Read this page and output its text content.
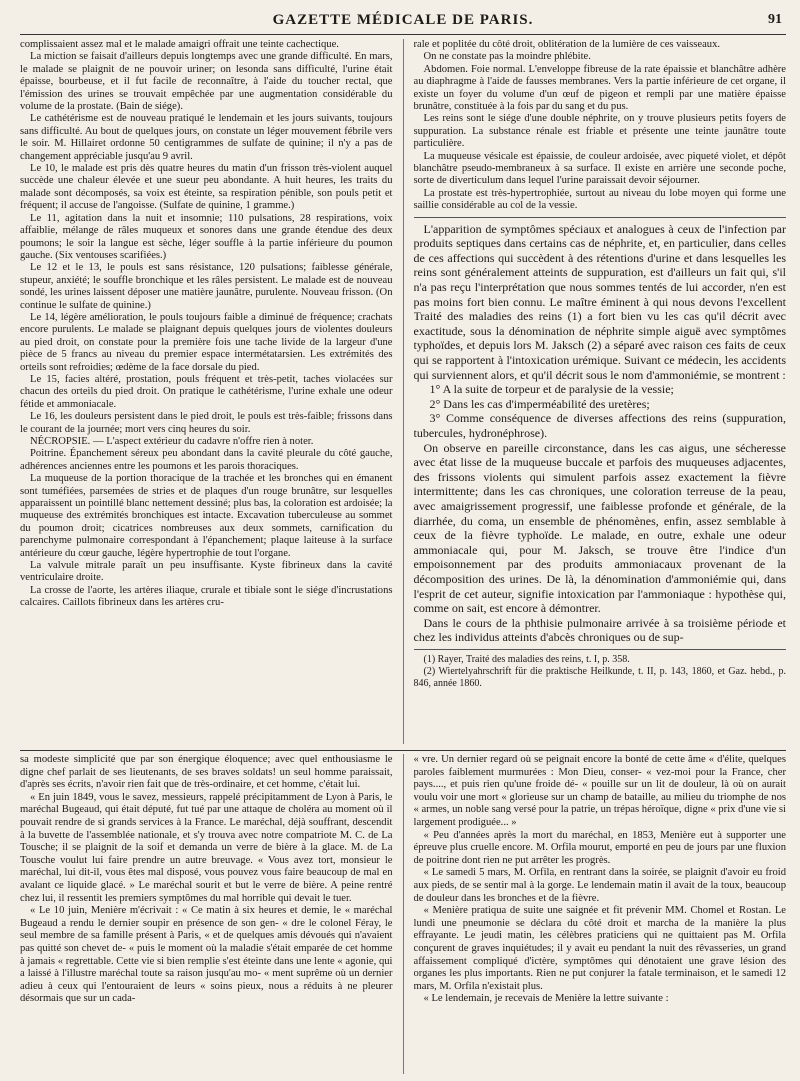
GAZETTE MÉDICALE DE PARIS.	91

complissaient assez mal et le malade amaigri offrait une teinte cachectique.

La miction se faisait d'ailleurs depuis longtemps avec une grande difficulté. En mars, le malade se plaignit de ne pouvoir uriner; on lesonda sans difficulté, l'urine était épaisse, bourbeuse, et il fut facile de reconnaître, à l'aide du toucher rectal, que l'émission des urines se trouvait empêchée par une augmentation considérable du volume de la prostate. (Bain de siége).

Le cathétérisme est de nouveau pratiqué le lendemain et les jours suivants, toujours sans difficulté. Au bout de quelques jours, on constate un léger mouvement fébrile vers le soir. M. Hillairet ordonne 50 centigrammes de sulfate de quinine; il n'y a pas de changement appréciable jusqu'au 9 avril.

Le 10, le malade est pris dès quatre heures du matin d'un frisson très-violent auquel succède une chaleur élevée et une sueur peu abondante. A huit heures, les traits du malade sont décomposés, sa voix est éteinte, sa respiration pénible, son pouls petit et fréquent; il accuse de l'angoisse. (Sulfate de quinine, 1 gramme.)

Le 11, agitation dans la nuit et insomnie; 110 pulsations, 28 respirations, voix affaiblie, mélange de râles muqueux et sonores dans une grande étendue des deux poumons; le soir la langue est sèche, léger souffle à la partie inférieure du poumon gauche. (Six ventouses scarifiées.)

Le 12 et le 13, le pouls est sans résistance, 120 pulsations; faiblesse générale, stupeur, anxiété; le souffle bronchique et les râles persistent. Le malade est de nouveau sondé, les urines laissent déposer une matière jaunâtre, purulente. Nouveau frisson. (On continue le sulfate de quinine.)

Le 14, légère amélioration, le pouls toujours faible a diminué de fréquence; crachats encore purulents. Le malade se plaignant depuis quelques jours de violentes douleurs au pied droit, on constate pour la première fois une tache livide de la largeur d'une pièce de 5 francs au niveau du premier espace intermétatarsien. Les extrémités des orteils sont refroidies; œdème de la face dorsale du pied.

Le 15, facies altéré, prostation, pouls fréquent et très-petit, taches violacées sur chacun des orteils du pied droit. On pratique le cathétérisme, l'urine exhale une odeur fétide et ammoniacale.

Le 16, les douleurs persistent dans le pied droit, le pouls est très-faible; frissons dans le courant de la journée; mort vers cinq heures du soir.

NÉCROPSIE. — L'aspect extérieur du cadavre n'offre rien à noter.

Poitrine. Épanchement séreux peu abondant dans la cavité pleurale du côté gauche, adhérences anciennes entre les poumons et les parois thoraciques.

La muqueuse de la portion thoracique de la trachée et les bronches qui en émanent sont tuméfiées, parsemées de stries et de plaques d'un rouge brunâtre, sur lesquelles apparaissent un pointillé blanc nettement dessiné; plus bas, la coloration est ardoisée; la muqueuse des extrémités bronchiques est intacte. Excavation tuberculeuse au sommet du poumon droit; cicatrices nombreuses aux deux sommets, carnification du parenchyme pulmonaire correspondant à l'épanchement; plaque laiteuse à la surface antérieure du cœur gauche, légère hypertrophie de tout l'organe.

La valvule mitrale paraît un peu insuffisante. Kyste fibrineux dans la cavité ventriculaire droite.

La crosse de l'aorte, les artères iliaque, crurale et tibiale sont le siége d'incrustations calcaires. Caillots fibrineux dans les artères cru-

rale et poplitée du côté droit, oblitération de la lumière de ces vaisseaux.

On ne constate pas la moindre phlébite.

Abdomen. Foie normal. L'enveloppe fibreuse de la rate épaissie et blanchâtre adhère au diaphragme à l'aide de fausses membranes. Vers la partie inférieure de cet organe, il existe un foyer du volume d'un œuf de pigeon et rempli par une matière épaisse brunâtre, constituée à la fois par du sang et du pus.

Les reins sont le siége d'une double néphrite, on y trouve plusieurs petits foyers de suppuration. La substance rénale est friable et présente une teinte jaunâtre toute particulière.

La muqueuse vésicale est épaissie, de couleur ardoisée, avec piqueté violet, et dépôt blanchâtre pseudo-membraneux à sa surface. Il existe en arrière une seconde poche, sorte de diverticulum dans lequel l'urine paraissait devoir séjourner.

La prostate est très-hypertrophiée, surtout au niveau du lobe moyen qui forme une saillie considérable au col de la vessie.

L'apparition de symptômes spéciaux et analogues à ceux de l'infection par produits septiques dans certains cas de néphrite, et, en particulier, dans celles de ces affections qui succèdent à des rétentions d'urine et dans lesquelles les reins sont généralement atteints de suppuration, est d'ailleurs un fait qui, s'il n'a pas reçu l'interprétation que nous sommes tentés de lui accorder, n'en est pas moins fort bien connu. Le maître éminent à qui nous devons l'excellent Traité des maladies des reins (1) a fort bien vu les cas qu'il décrit avec exactitude, sous la dénomination de néphrite simple aiguë avec symptômes typhoïdes, et depuis lors M. Jaksch (2) a séparé avec raison ces faits de ceux qui se rapportent à l'intoxication urémique. Suivant ce médecin, les accidents qui surviennent alors, et qu'il décrit sous le nom d'ammoniémie, se montrent :

1° A la suite de torpeur et de paralysie de la vessie;

2° Dans les cas d'imperméabilité des uretères;

3° Comme conséquence de diverses affections des reins (suppuration, tubercules, hydronéphrose).

On observe en pareille circonstance, dans les cas aigus, une sécheresse avec état lisse de la muqueuse buccale et parfois des muqueuses adjacentes, des frissons violents qui simulent parfois assez exactement la fièvre intermittente; dans les cas chroniques, une coloration terreuse de la peau, avec amaigrissement progressif, une faiblesse profonde et générale, de la diarrhée, du coma, un ensemble de phénomènes, enfin, assez semblable à ceux de la fièvre typhoïde. Le malade, en outre, exhale une odeur ammoniacale qui, pour M. Jaksch, se trouve être l'indice d'un empoisonnement par des produits ammoniacaux provenant de la décomposition des urines. De là, la dénomination d'ammoniémie qui, dans l'esprit de cet auteur, signifie intoxication par l'ammoniaque : hypothèse qui, comme on sait, est encore à démontrer.

Dans le cours de la phthisie pulmonaire arrivée à sa troisième période et chez les individus atteints d'abcès chroniques ou de sup-

(1) Rayer, Traité des maladies des reins, t. I, p. 358.

(2) Wiertelyahrschrift für die praktische Heilkunde, t. II, p. 143, 1860, et Gaz. hebd., p. 846, année 1860.

sa modeste simplicité que par son énergique éloquence; avec quel enthousiasme le digne chef parlait de ses lieutenants, de ses braves soldats! un seul homme paraissait, d'après ses écrits, n'avoir rien fait que de très-ordinaire, et cet homme, c'était lui.

« En juin 1849, vous le savez, messieurs, rappelé précipitamment de Lyon à Paris, le maréchal Bugeaud, qui était député, fut tué par une attaque de choléra au moment où il pouvait rendre de si grands services à la France. Le maréchal, déjà souffrant, descendit à la buvette de l'assemblée nationale, et s'y trouva avec notre compatriote M. C. de La Tousche; il se plaignit de la soif et demanda un verre de bière à la glace. M. de La Tousche voulut lui faire prendre un autre breuvage. « Vous avez tort, monsieur le maréchal, lui dit-il, vous êtes mal disposé, vous pouvez vous faire beaucoup de mal en avalant ce liquide glacé. » Le maréchal sourit et but le verre de bière. A peine rentré chez lui, il ressentit les premiers symptômes du mal horrible qui devait le tuer.

« Le 10 juin, Menière m'écrivait : « Ce matin à six heures et demie, le « maréchal Bugeaud a rendu le dernier soupir en présence de son gen- « dre le colonel Féray, le seul membre de sa famille présent à Paris, « et de quelques amis dévoués qui n'avaient pas quitté son chevet de- « puis le moment où la maladie s'était emparée de cet homme à jamais « regrettable. Cette vie si bien remplie s'est éteinte dans une lente « agonie, qui a laissé à l'illustre maréchal toute sa raison jusqu'au mo- « ment suprême où un dernier adieu à ceux qui l'entouraient de leurs « soins pieux, nous a réduits à ne pleurer désormais que sur un cada-

« vre. Un dernier regard où se peignait encore la bonté de cette âme « d'élite, quelques paroles faiblement murmurées : Mon Dieu, conser- « vez-moi pour la France, cher pays...., et puis rien qu'une froide dé- « pouille sur un lit de douleur, là où on aurait voulu voir une mort « glorieuse sur un champ de bataille, au milieu du triomphe de nos « armes, un noble sang versé pour la patrie, un trépas héroïque, digne « prix d'une vie si largement prodiguée... »

« Peu d'années après la mort du maréchal, en 1853, Menière eut à supporter une épreuve plus cruelle encore. M. Orfila mourut, emporté en peu de jours par une fluxion de poitrine dont rien ne put arrêter les progrès.

« Le samedi 5 mars, M. Orfila, en rentrant dans la soirée, se plaignit d'avoir eu froid aux pieds, de se sentir mal à la gorge. Le lendemain matin il avait de la toux, beaucoup de douleur dans les bronches et de la fièvre.

« Menière pratiqua de suite une saignée et fit prévenir MM. Chomel et Rostan. Le lundi une pneumonie se déclara du côté droit et marcha de la manière la plus effrayante. Le jeudi matin, les célèbres praticiens qui ne quittaient pas M. Orfila conçurent de graves inquiétudes; il y avait eu pendant la nuit des rêvasseries, un grand affaissement compliqué d'ictère, symptômes qui dénotaient une grave lésion des organes les plus importants. Rien ne put conjurer la fatale terminaison, et le samedi 12 mars, M. Orfila n'existait plus.

« Le lendemain, je recevais de Menière la lettre suivante :
